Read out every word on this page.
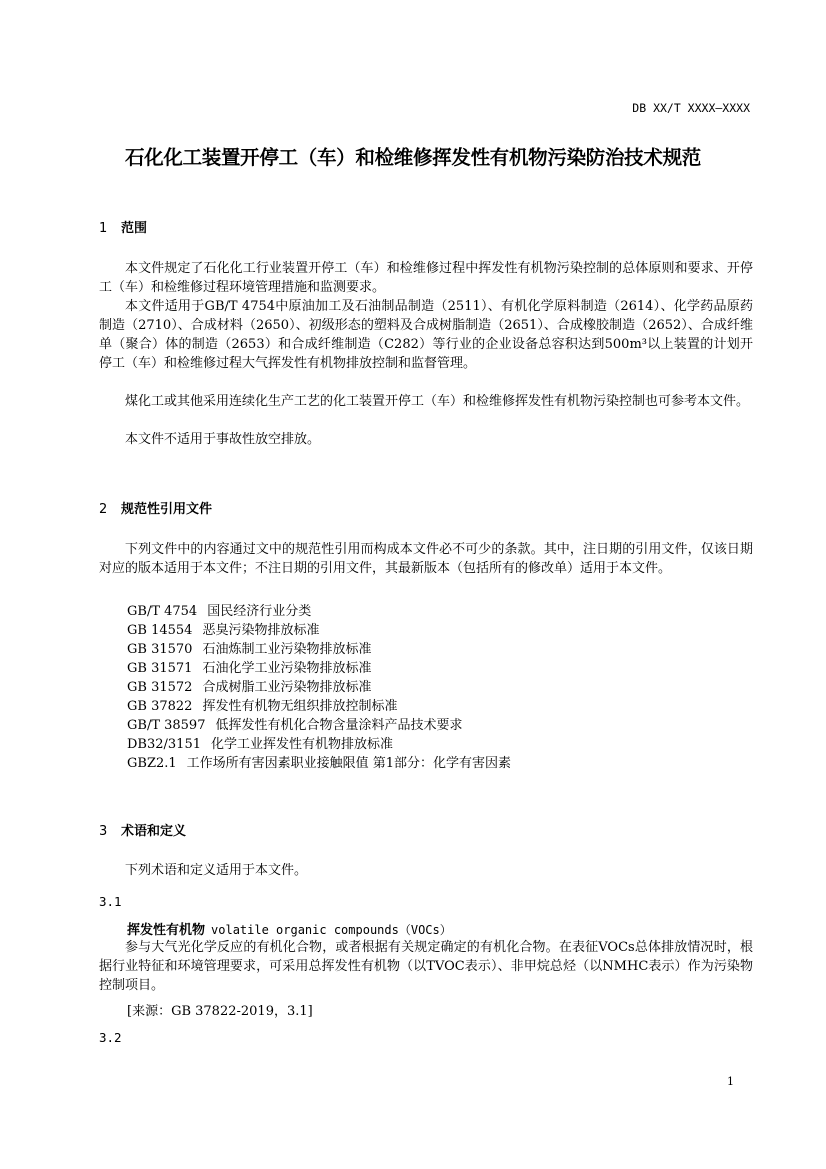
DB XX/T XXXX—XXXX
石化化工装置开停工（车）和检维修挥发性有机物污染防治技术规范
1 范围

本文件规定了石化化工行业装置开停工（车）和检维修过程中挥发性有机物污染控制的总体原则和要求、开停工（车）和检维修过程环境管理措施和监测要求。

本文件适用于GB/T 4754中原油加工及石油制品制造（2511）、有机化学原料制造（2614）、化学药品原药制造（2710）、合成材料（2650）、初级形态的塑料及合成树脂制造（2651）、合成橡胶制造（2652）、合成纤维单（聚合）体的制造（2653）和合成纤维制造（C282）等行业的企业设备总容积达到500m³以上装置的计划开停工（车）和检维修过程大气挥发性有机物排放控制和监督管理。

煤化工或其他采用连续化生产工艺的化工装置开停工（车）和检维修挥发性有机物污染控制也可参考本文件。

本文件不适用于事故性放空排放。

2 规范性引用文件

下列文件中的内容通过文中的规范性引用而构成本文件必不可少的条款。其中，注日期的引用文件，仅该日期对应的版本适用于本文件；不注日期的引用文件，其最新版本（包括所有的修改单）适用于本文件。

GB/T 4754 国民经济行业分类
GB 14554 恶臭污染物排放标准
GB 31570 石油炼制工业污染物排放标准
GB 31571 石油化学工业污染物排放标准
GB 31572 合成树脂工业污染物排放标准
GB 37822 挥发性有机物无组织排放控制标准
GB/T 38597 低挥发性有机化合物含量涂料产品技术要求
DB32/3151 化学工业挥发性有机物排放标准
GBZ2.1 工作场所有害因素职业接触限值 第1部分：化学有害因素
3 术语和定义

下列术语和定义适用于本文件。

3.1
挥发性有机物 volatile organic compounds（VOCs）

参与大气光化学反应的有机化合物，或者根据有关规定确定的有机化合物。在表征VOCs总体排放情况时，根据行业特征和环境管理要求，可采用总挥发性有机物（以TVOC表示）、非甲烷总烃（以NMHC表示）作为污染物控制项目。

[来源：GB 37822-2019，3.1]
3.2
1
